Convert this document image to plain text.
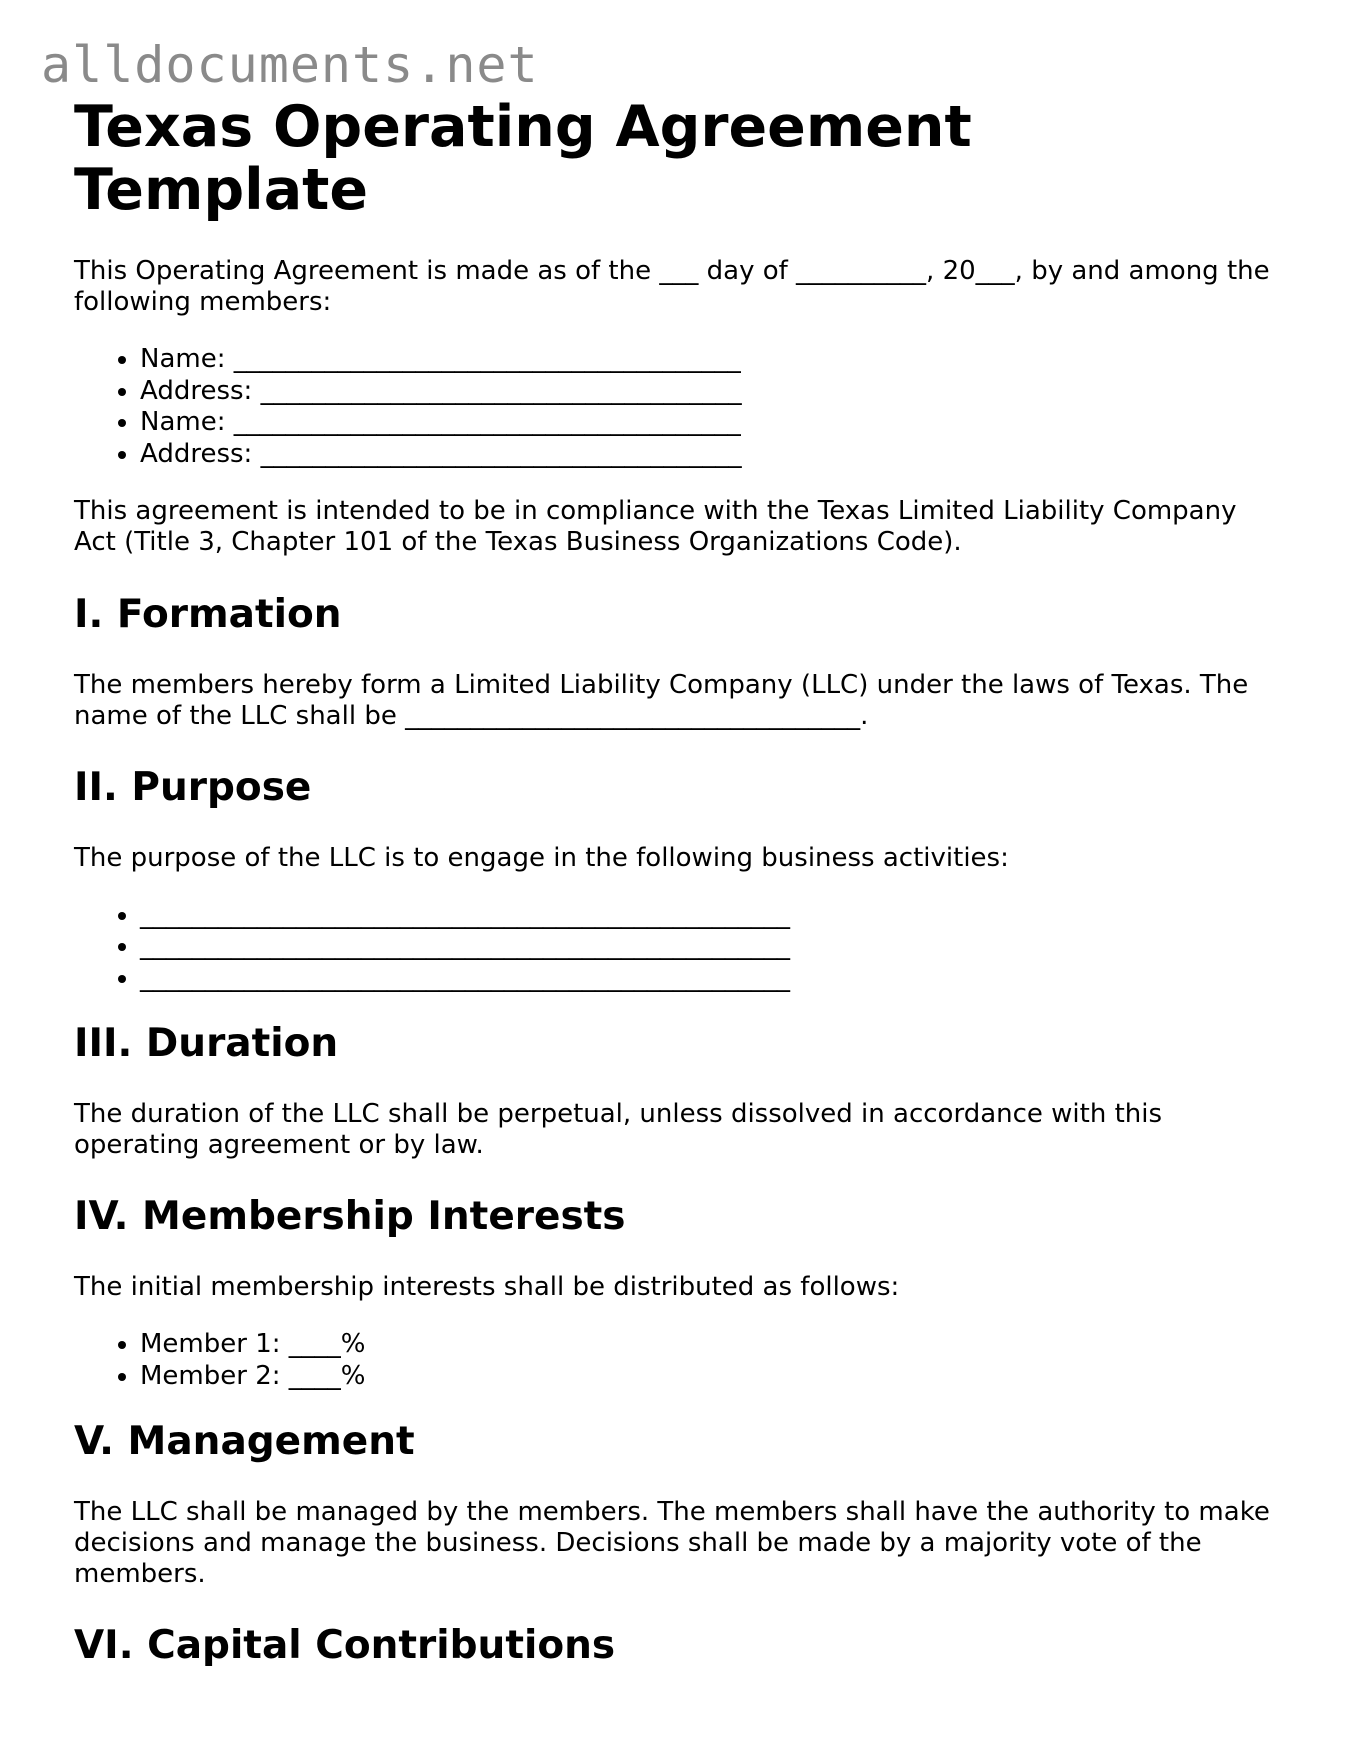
alldocuments.net
Texas Operating Agreement Template

This Operating Agreement is made as of the ___ day of __________, 20___, by and among the following members:

• Name: _______________________________________
• Address: _____________________________________
• Name: _______________________________________
• Address: _____________________________________

This agreement is intended to be in compliance with the Texas Limited Liability Company Act (Title 3, Chapter 101 of the Texas Business Organizations Code).

I. Formation

The members hereby form a Limited Liability Company (LLC) under the laws of Texas. The name of the LLC shall be ___________________________________.

II. Purpose

The purpose of the LLC is to engage in the following business activities:

• __________________________________________________
• __________________________________________________
• __________________________________________________
III. Duration

The duration of the LLC shall be perpetual, unless dissolved in accordance with this operating agreement or by law.

IV. Membership Interests

The initial membership interests shall be distributed as follows:

• Member 1: ____%
• Member 2: ____%
V. Management

The LLC shall be managed by the members. The members shall have the authority to make decisions and manage the business. Decisions shall be made by a majority vote of the members.

VI. Capital Contributions
